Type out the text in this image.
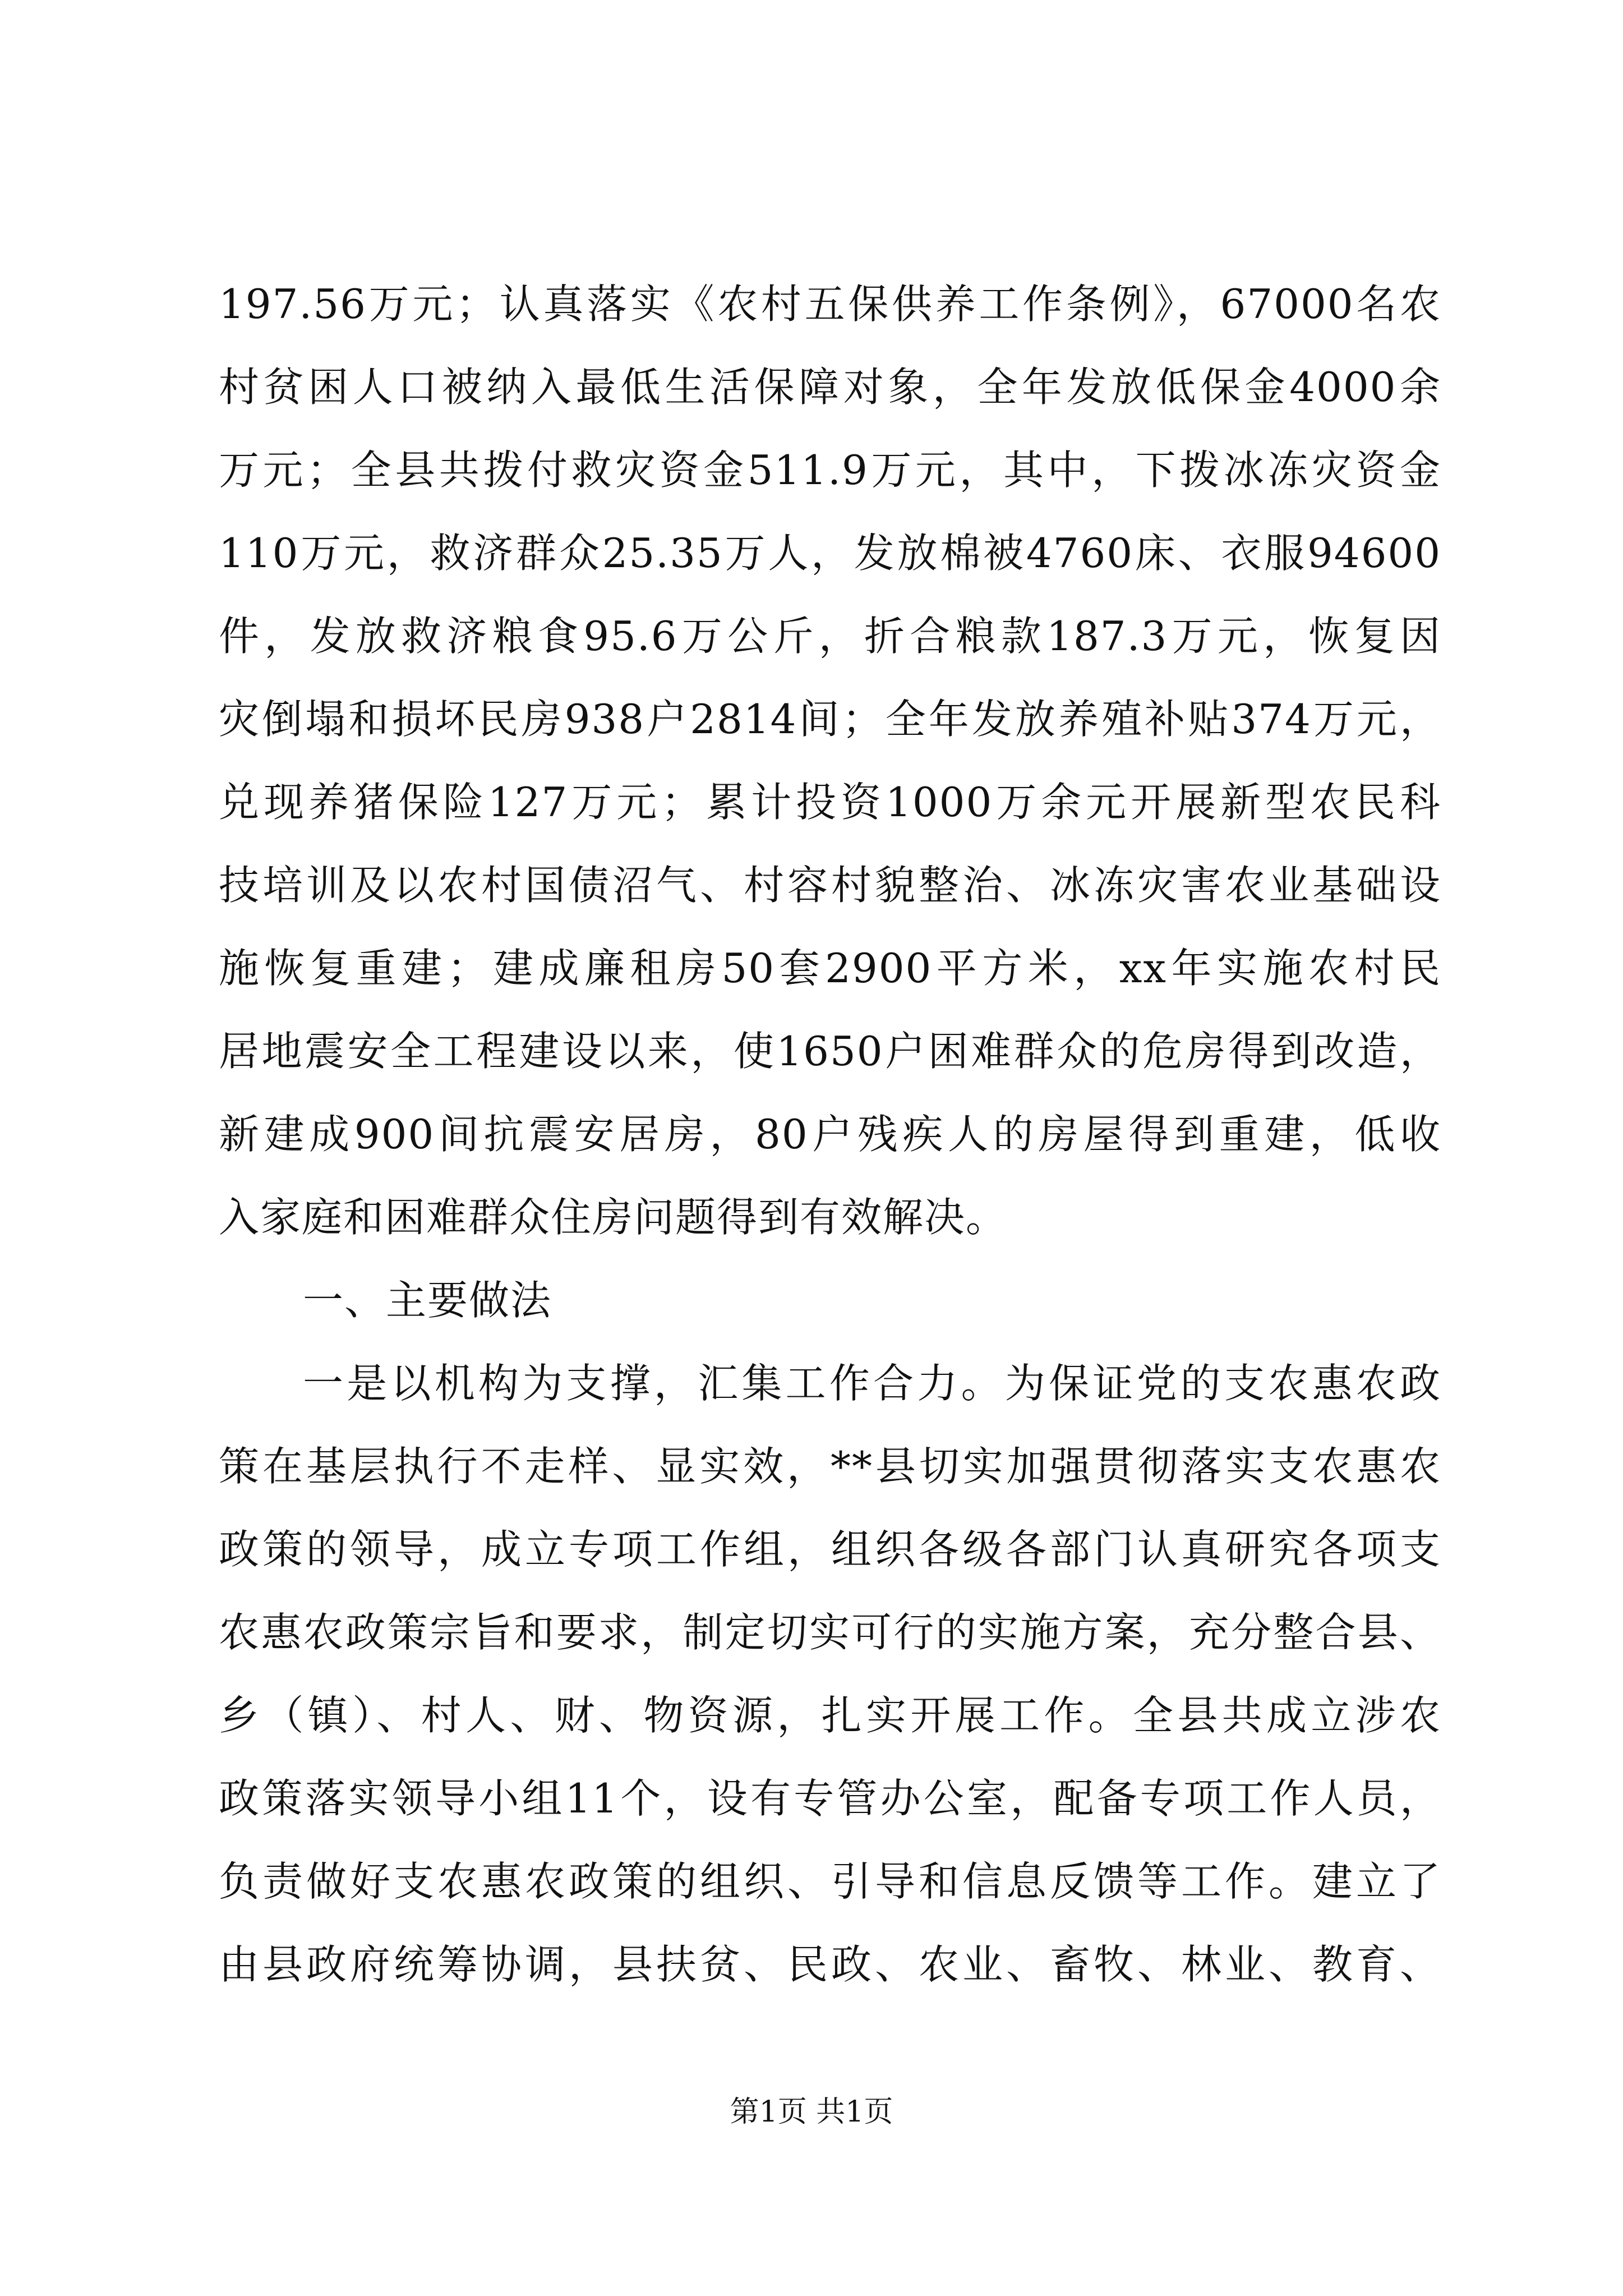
197.56万元；认真落实《农村五保供养工作条例》，67000名农
村贫困人口被纳入最低生活保障对象，全年发放低保金4000余
万元；全县共拨付救灾资金511.9万元，其中，下拨冰冻灾资金
110万元，救济群众25.35万人，发放棉被4760床、衣服94600
件，发放救济粮食95.6万公斤，折合粮款187.3万元，恢复因
灾倒塌和损坏民房938户2814间；全年发放养殖补贴374万元，
兑现养猪保险127万元；累计投资1000万余元开展新型农民科
技培训及以农村国债沼气、村容村貌整治、冰冻灾害农业基础设
施恢复重建；建成廉租房50套2900平方米，xx年实施农村民
居地震安全工程建设以来，使1650户困难群众的危房得到改造，
新建成900间抗震安居房，80户残疾人的房屋得到重建，低收
入家庭和困难群众住房问题得到有效解决。
一、主要做法
一是以机构为支撑，汇集工作合力。为保证党的支农惠农政
策在基层执行不走样、显实效，**县切实加强贯彻落实支农惠农
政策的领导，成立专项工作组，组织各级各部门认真研究各项支
农惠农政策宗旨和要求，制定切实可行的实施方案，充分整合县、
乡（镇）、村人、财、物资源，扎实开展工作。全县共成立涉农
政策落实领导小组11个，设有专管办公室，配备专项工作人员，
负责做好支农惠农政策的组织、引导和信息反馈等工作。建立了
由县政府统筹协调，县扶贫、民政、农业、畜牧、林业、教育、
第1页 共1页
